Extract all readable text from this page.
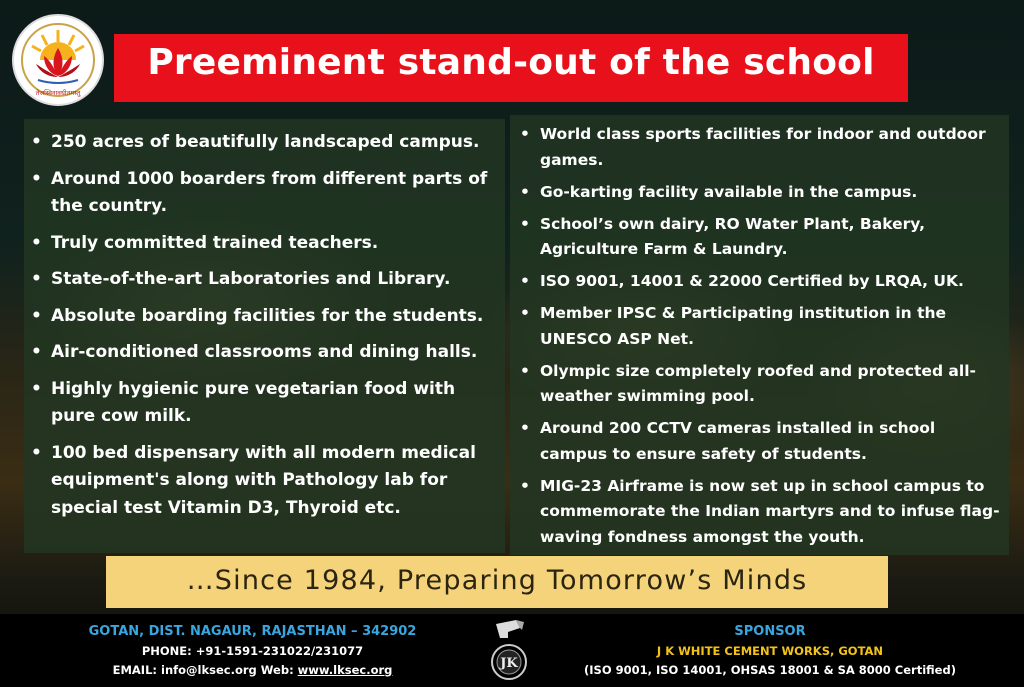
तेजस्विनावधीतमस्तु
Preeminent stand-out of the school
• 250 acres of beautifully landscaped campus.
• Around 1000 boarders from different parts of the country.
• Truly committed trained teachers.
• State-of-the-art Laboratories and Library.
• Absolute boarding facilities for the students.
• Air-conditioned classrooms and dining halls.
• Highly hygienic pure vegetarian food with pure cow milk.
• 100 bed dispensary with all modern medical equipment's along with Pathology lab for special test Vitamin D3, Thyroid etc.
• World class sports facilities for indoor and outdoor games.
• Go-karting facility available in the campus.
• School’s own dairy, RO Water Plant, Bakery, Agriculture Farm & Laundry.
• ISO 9001, 14001 & 22000 Certified by LRQA, UK.
• Member IPSC & Participating institution in the UNESCO ASP Net.
• Olympic size completely roofed and protected all-weather swimming pool.
• Around 200 CCTV cameras installed in school campus to ensure safety of students.
• MIG-23 Airframe is now set up in school campus to commemorate the Indian martyrs and to infuse flag-waving fondness amongst the youth.
…Since 1984, Preparing Tomorrow’s Minds
GOTAN, DIST. NAGAUR, RAJASTHAN – 342902
PHONE: +91-1591-231022/231077
EMAIL: info@lksec.org Web: www.lksec.org
SPONSOR
J K WHITE CEMENT WORKS, GOTAN
(ISO 9001, ISO 14001, OHSAS 18001 & SA 8000 Certified)
JK
